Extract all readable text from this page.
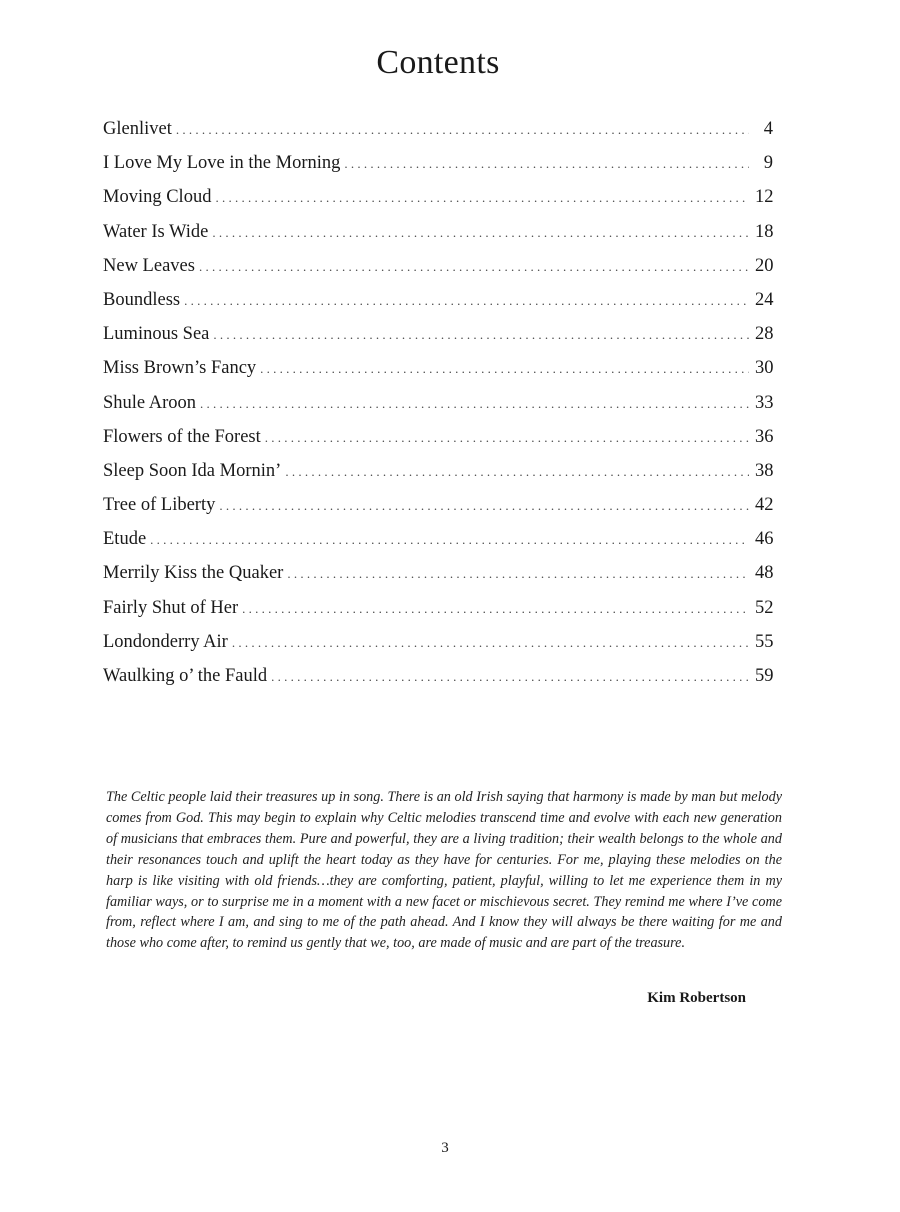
Contents
Glenlivet . . .	4
I Love My Love in the Morning . . .	9
Moving Cloud . . .	12
Water Is Wide . . .	18
New Leaves . . .	20
Boundless . . .	24
Luminous Sea . . .	28
Miss Brown’s Fancy . . .	30
Shule Aroon . . .	33
Flowers of the Forest . . .	36
Sleep Soon Ida Mornin’ . . .	38
Tree of Liberty . . .	42
Etude . . .	46
Merrily Kiss the Quaker . . .	48
Fairly Shut of Her . . .	52
Londonderry Air . . .	55
Waulking o’ the Fauld . . .	59

The Celtic people laid their treasures up in song. There is an old Irish saying that harmony is made by man but melody comes from God. This may begin to explain why Celtic melodies transcend time and evolve with each new generation of musicians that embraces them. Pure and powerful, they are a living tradition; their wealth belongs to the whole and their resonances touch and uplift the heart today as they have for centuries. For me, playing these melodies on the harp is like visiting with old friends…they are comforting, patient, playful, willing to let me experience them in my familiar ways, or to surprise me in a moment with a new facet or mischievous secret. They remind me where I’ve come from, reflect where I am, and sing to me of the path ahead. And I know they will always be there waiting for me and those who come after, to remind us gently that we, too, are made of music and are part of the treasure.

Kim Robertson

3
